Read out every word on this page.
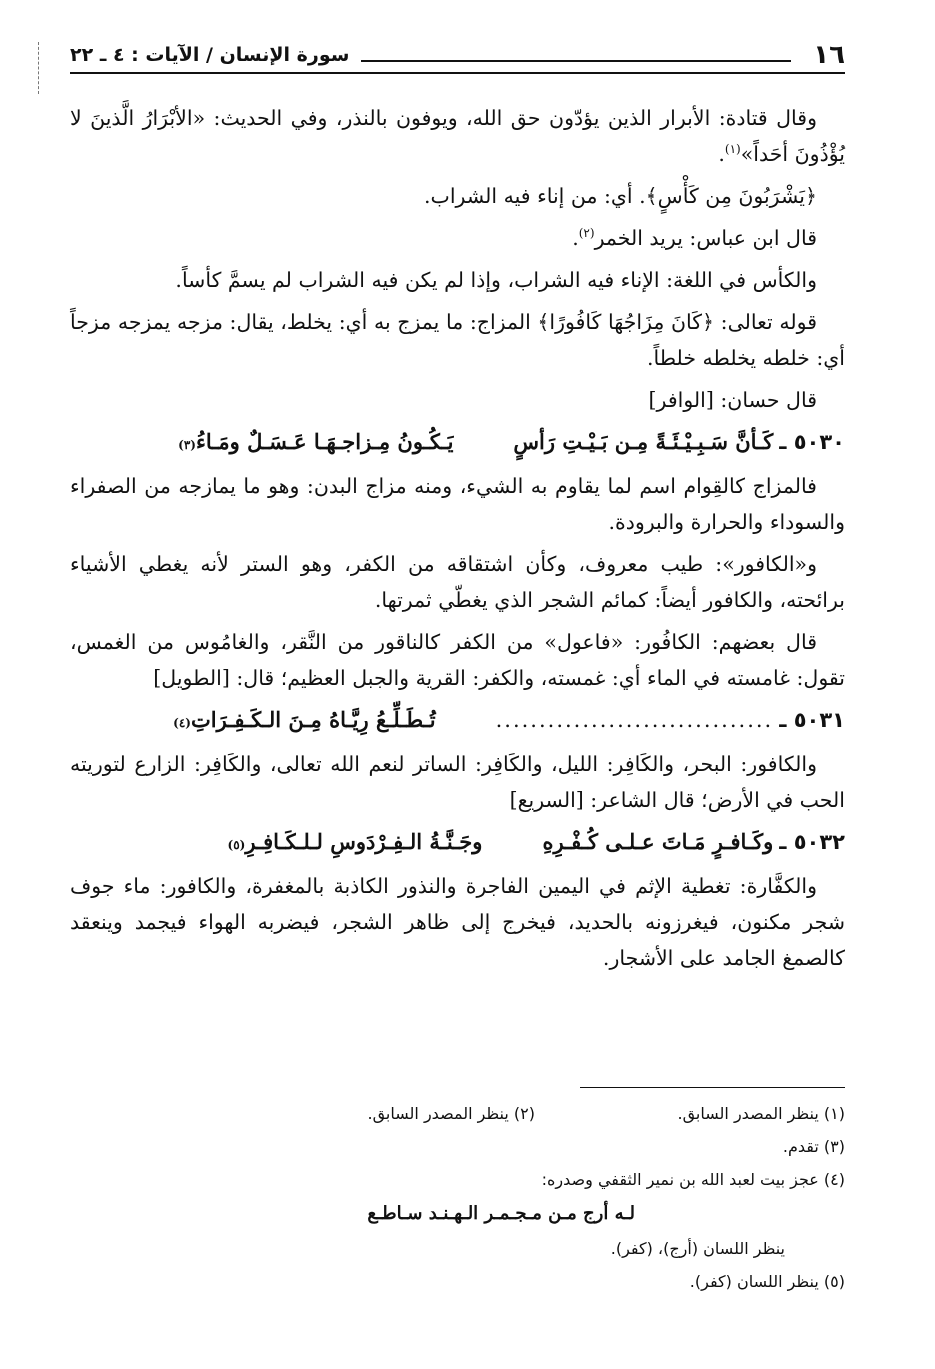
١٦
سورة الإنسان / الآيات : ٤ ـ ٢٢

وقال قتادة: الأبرار الذين يؤدّون حق الله، ويوفون بالنذر، وفي الحديث: «الأبْرَارُ الَّذينَ لا يُؤْذُونَ أحَداً»$^{(١)}$.

﴿يَشْرَبُونَ مِن كَأْسٍ﴾. أي: من إناء فيه الشراب.

قال ابن عباس: يريد الخمر$^{(٢)}$.

والكأس في اللغة: الإناء فيه الشراب، وإذا لم يكن فيه الشراب لم يسمَّ كأساً.

قوله تعالى: ﴿كَانَ مِزَاجُهَا كَافُورًا﴾ المزاج: ما يمزج به أي: يخلط، يقال: مزجه يمزجه مزجاً أي: خلطه يخلطه خلطاً.

قال حسان: [الوافر]

٥٠٣٠ ـ
كَـأنَّ سَـبِـيْـئَـةً مِـن بَـيْـتِ رَأسٍ
يَـكُـونُ مِـزاجـهَـا عَـسَـلٌ ومَـاءُ
(٣)

فالمزاج كالقِوام اسم لما يقاوم به الشيء، ومنه مزاج البدن: وهو ما يمازجه من الصفراء والسوداء والحرارة والبرودة.

و«الكافور»: طيب معروف، وكأن اشتقاقه من الكفر، وهو الستر لأنه يغطي الأشياء برائحته، والكافور أيضاً: كمائم الشجر الذي يغطّي ثمرتها.

قال بعضهم: الكافُور: «فاعول» من الكفر كالناقور من النَّقر، والغامُوس من الغمس، تقول: غامسته في الماء أي: غمسته، والكفر: القرية والجبل العظيم؛ قال: [الطويل]

٥٠٣١ ـ
................................
تُـطَـلِّـعُ رِيَّـاهُ مِـنَ الـكَـفِـرَاتِ
(٤)

والكافور: البحر، والكَافِر: الليل، والكَافِر: الساتر لنعم الله تعالى، والكَافِر: الزارع لتوريته الحب في الأرض؛ قال الشاعر: [السريع]

٥٠٣٢ ـ
وكَـافـرٍ مَـاتَ عـلـى كُـفْـرِهِ
وجَـنَّـةُ الـفِـرْدَوسِ لـلـكَـافِـرِ
(٥)

والكفَّارة: تغطية الإثم في اليمين الفاجرة والنذور الكاذبة بالمغفرة، والكافور: ماء جوف شجر مكنون، فيغرزونه بالحديد، فيخرج إلى ظاهر الشجر، فيضربه الهواء فيجمد وينعقد كالصمغ الجامد على الأشجار.

(١) ينظر المصدر السابق.
(٢) ينظر المصدر السابق.
(٣) تقدم.
(٤) عجز بيت لعبد الله بن نمير الثقفي وصدره:
لـه أرج مـن مـجـمـر الـهـنـد سـاطـع
ينظر اللسان (أرج)، (كفر).
(٥) ينظر اللسان (كفر).
